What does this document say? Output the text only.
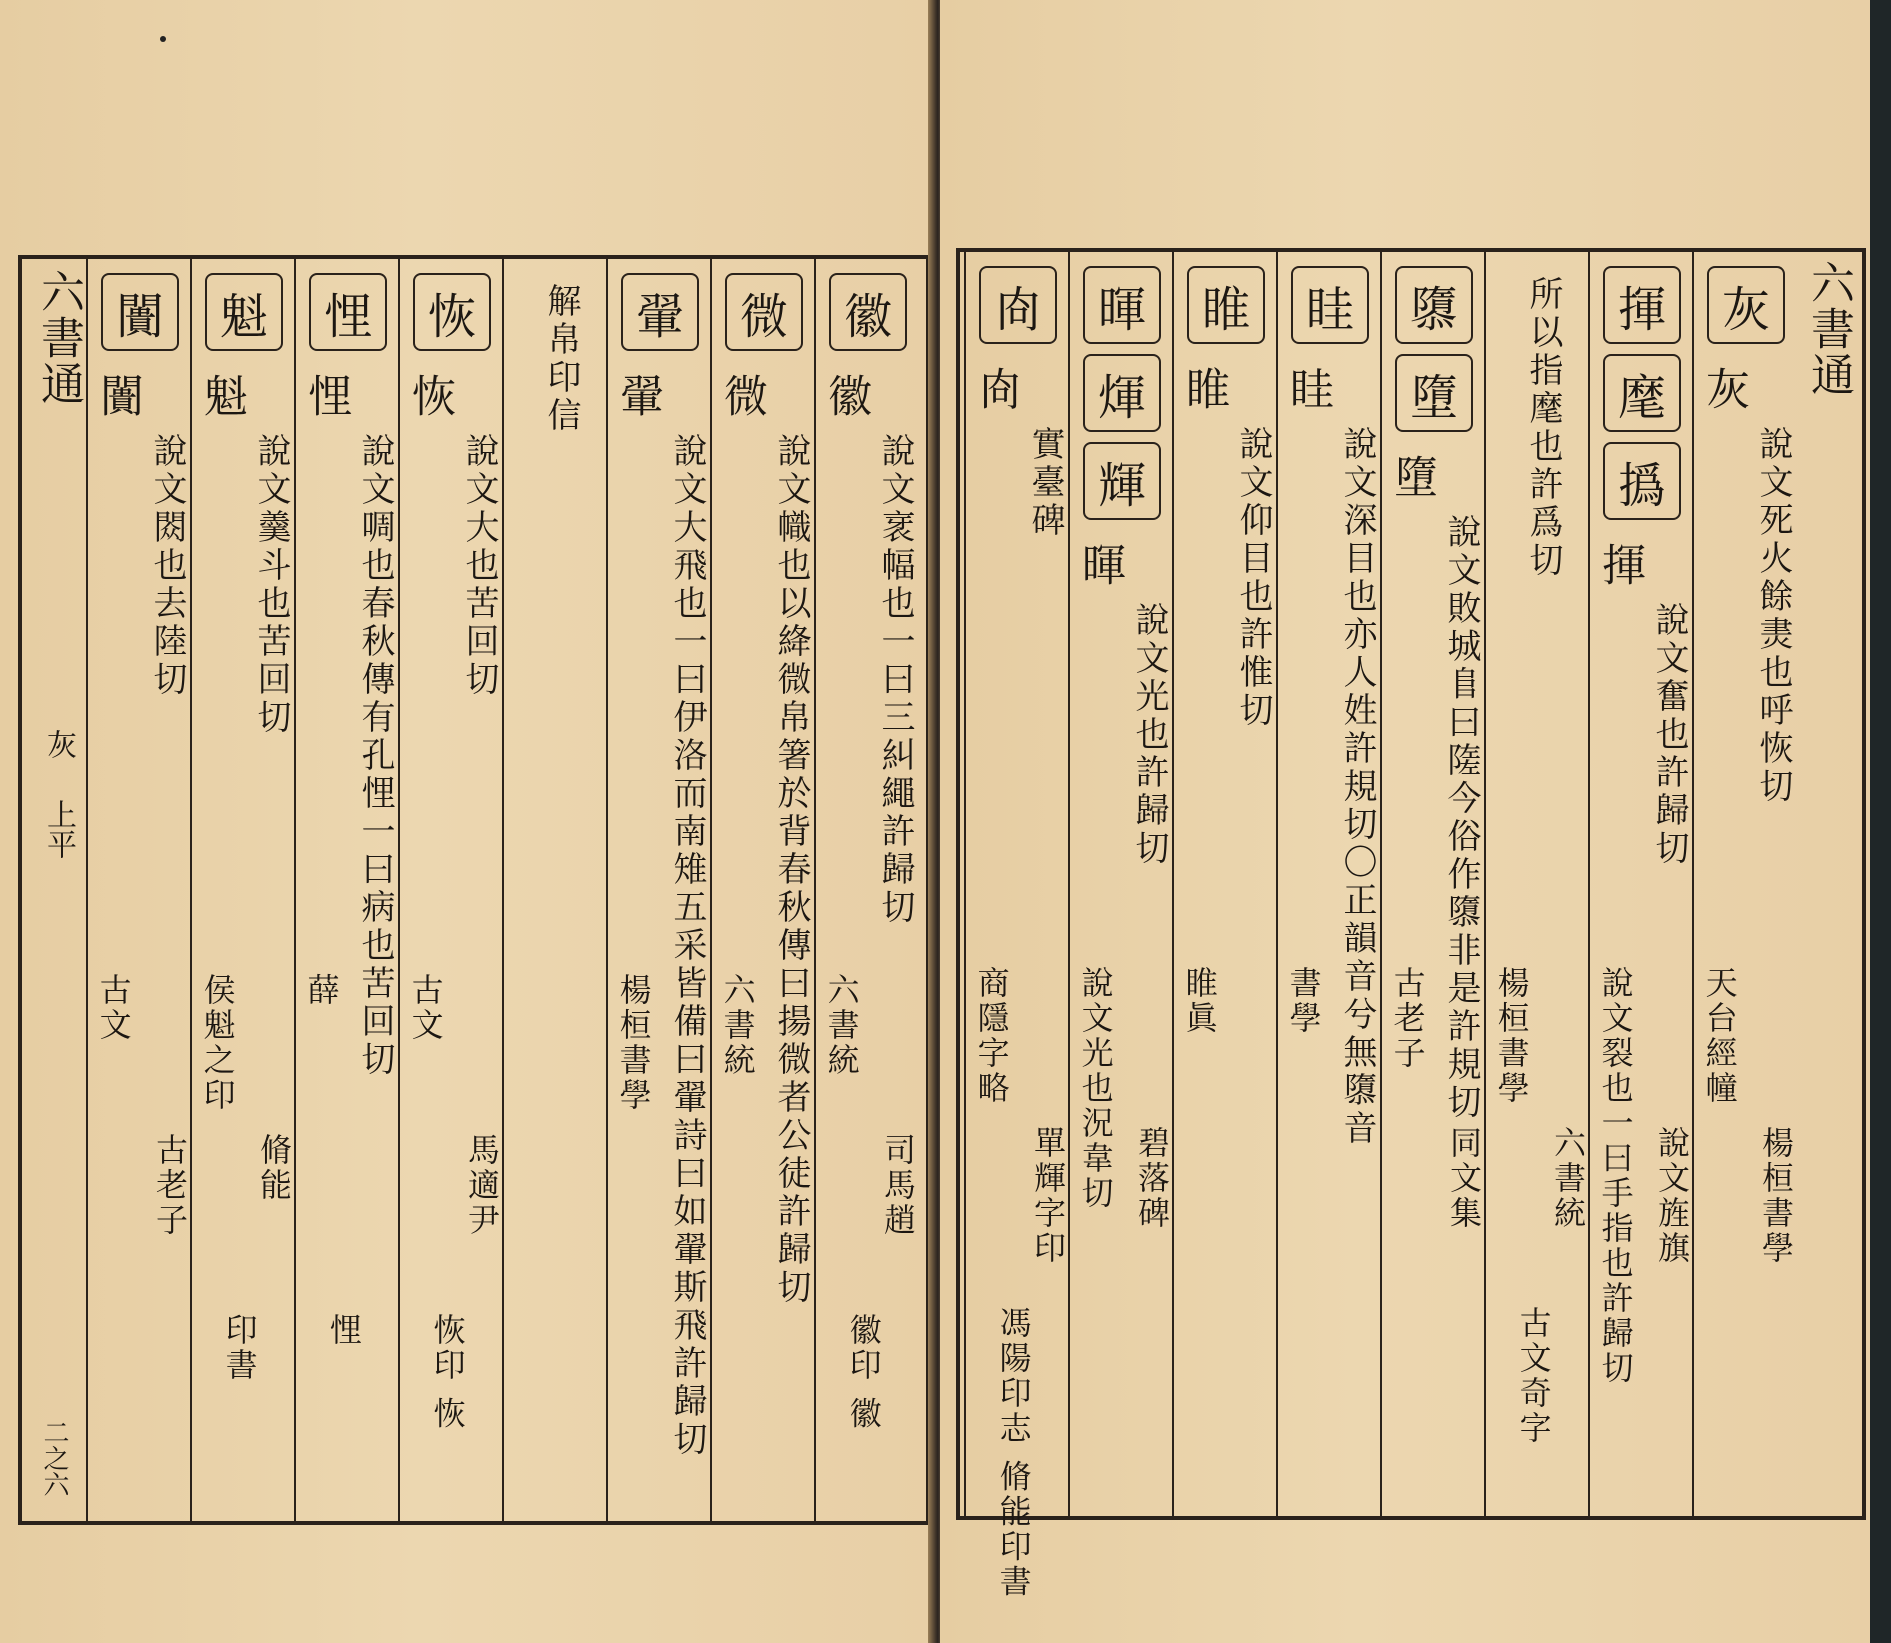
六書通
灰
上平
二之六
徽
徽
說文衺幅也一曰三糾繩許歸切
六書統
司馬趙
徽印 徽
微
微
說文幟也以絳微帛箸於背春秋傳曰揚微者公徒許歸切
六書統
翬
翬
說文大飛也一曰伊洛而南雉五采皆備曰翬詩曰如翬斯飛許歸切
楊桓書學
解帛印信
恢
恢
說文大也苦回切
古文
馬適尹
恢印 恢
悝
悝
說文啁也春秋傳有孔悝一曰病也苦回切
薛
悝
魁
魁
說文羹斗也苦回切
侯魁之印
脩能
印書
闠
闠
說文閦也去陸切
古文
古老子
六書通
灰
灰
說文死火餘㶳也呼恢切
天台經幢
楊桓書學
揮
麾
撝
揮
說文奮也許歸切
說文裂也一曰手指也許歸切 說文旌旗
所以指麾也許爲切
楊桓書學
六書統
古文奇字
隳
墮
墮
說文敗城𨸏曰隓今俗作隳非是許規切
古老子
同文集
眭
眭
說文深目也亦人姓許規切〇正韻音兮無隳音
書學
睢
睢
說文仰目也許惟切
睢眞
暉
煇
輝
暉
說文光也許歸切
說文光也況韋切 碧落碑
㕯
㕯
實臺碑
商隱字略
單輝字印
馮陽印志 脩能印書
